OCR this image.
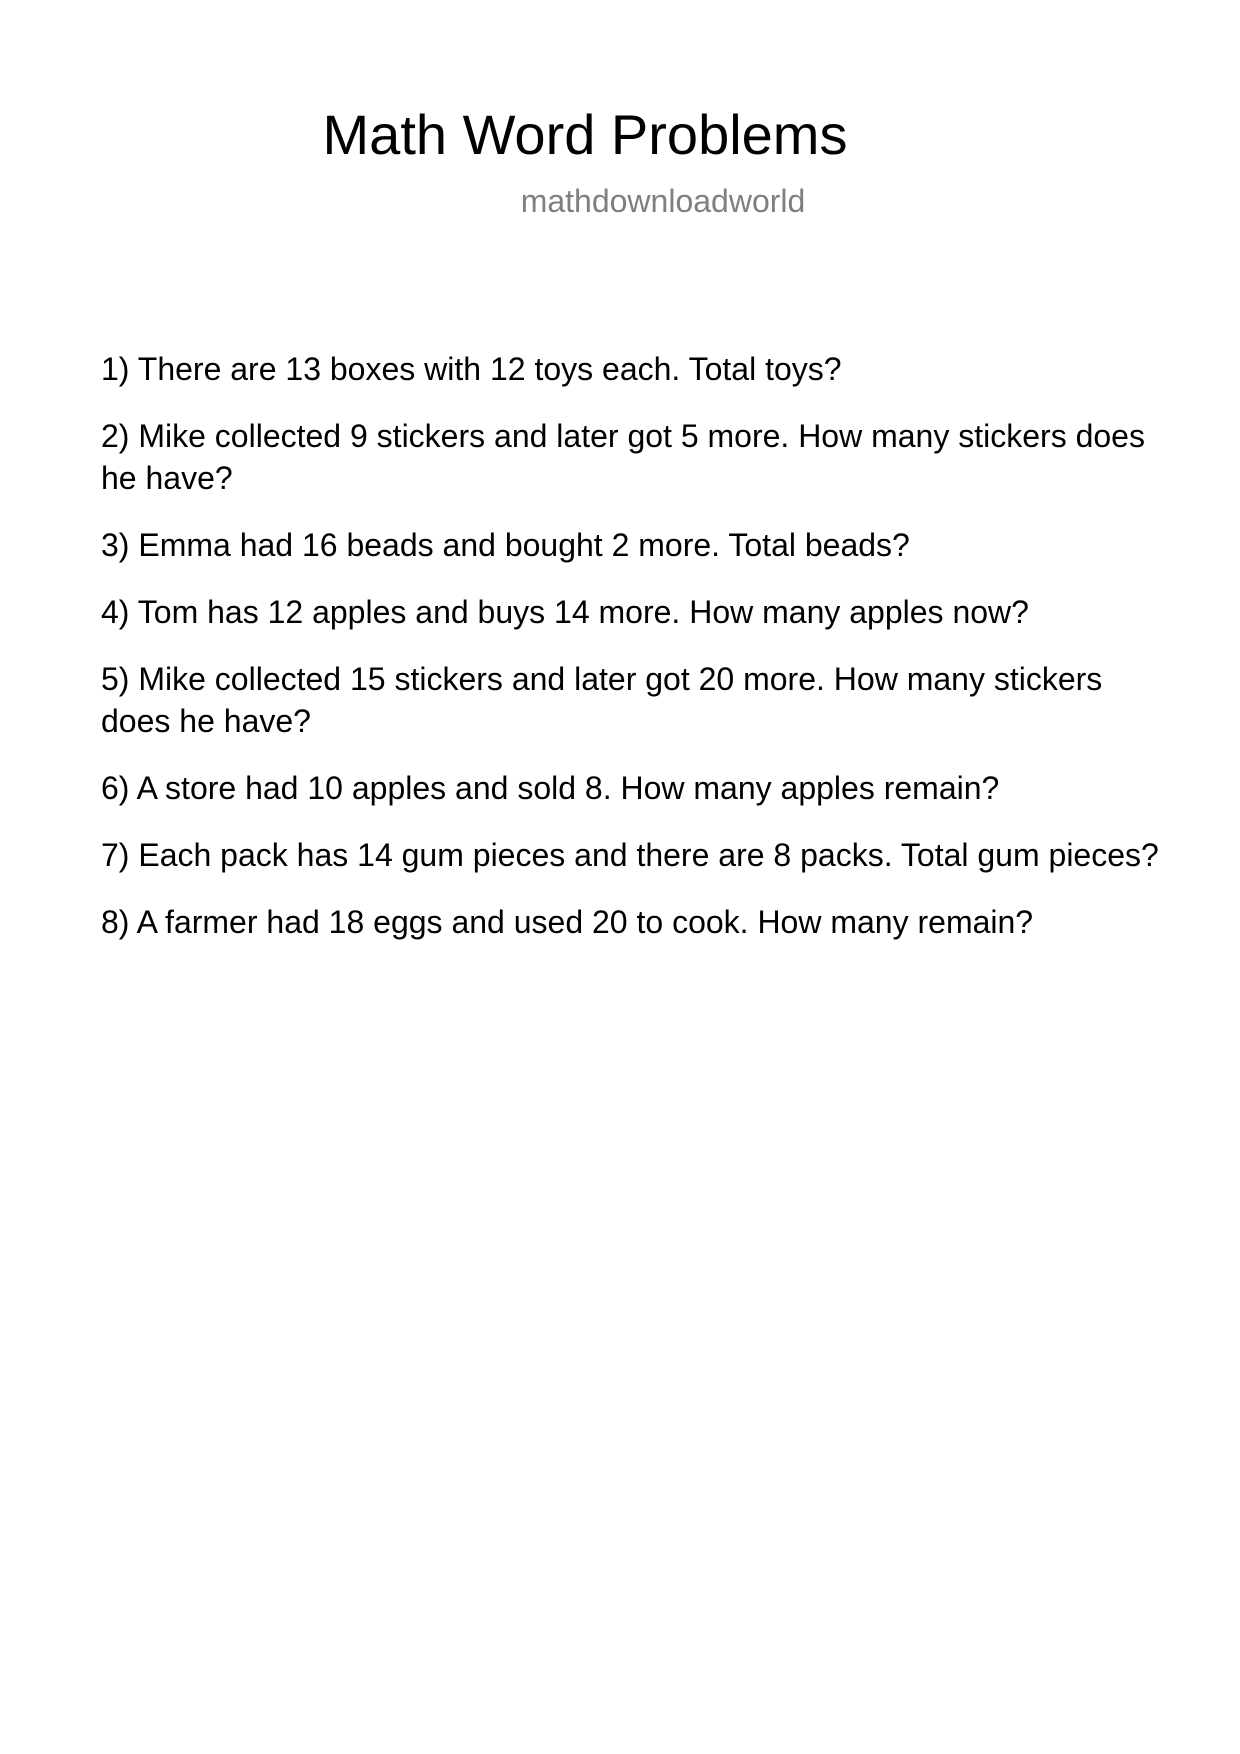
Math Word Problems
mathdownloadworld
1) There are 13 boxes with 12 toys each. Total toys?
2) Mike collected 9 stickers and later got 5 more. How many stickers does he have?
3) Emma had 16 beads and bought 2 more. Total beads?
4) Tom has 12 apples and buys 14 more. How many apples now?
5) Mike collected 15 stickers and later got 20 more. How many stickers does he have?
6) A store had 10 apples and sold 8. How many apples remain?
7) Each pack has 14 gum pieces and there are 8 packs. Total gum pieces?
8) A farmer had 18 eggs and used 20 to cook. How many remain?
